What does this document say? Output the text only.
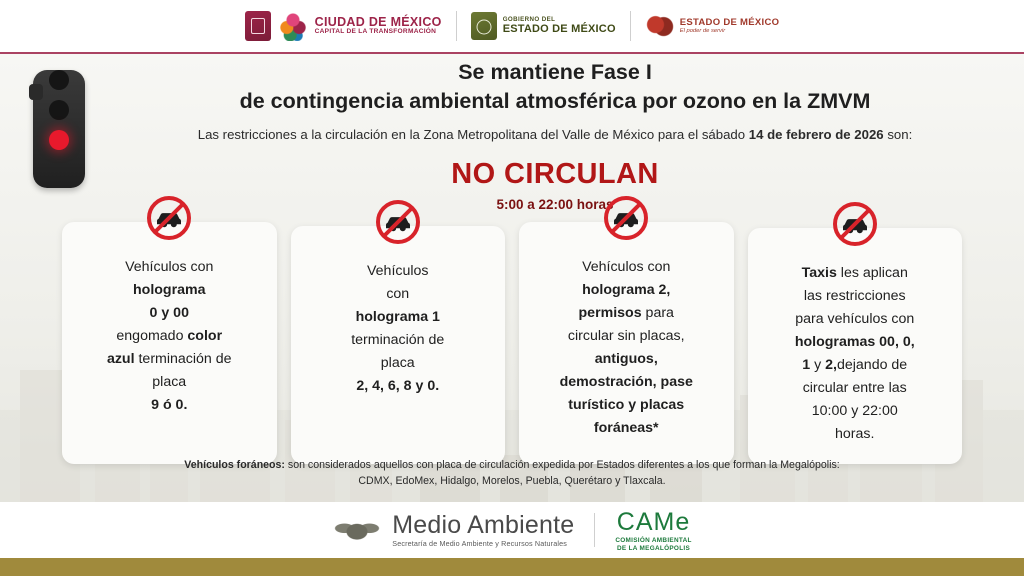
CIUDAD DE MÉXICO
CAPITAL DE LA TRANSFORMACIÓN
GOBIERNO DEL
ESTADO DE MÉXICO
ESTADO DE MÉXICO
El poder de servir
Se mantiene Fase I
de contingencia ambiental atmosférica por ozono en la ZMVM
Las restricciones a la circulación en la Zona Metropolitana del Valle de México para el sábado 14 de febrero de 2026 son:
NO CIRCULAN
5:00 a 22:00 horas
Vehículos con
holograma
0 y 00
engomado color
azul terminación de
placa
9 ó 0.
Vehículos
con
holograma 1
terminación de
placa
2, 4, 6, 8 y 0.
Vehículos con
holograma 2,
permisos para
circular sin placas,
antiguos,
demostración, pase
turístico y placas
foráneas*
Taxis les aplican
las restricciones
para vehículos con
hologramas 00, 0,
1 y 2,dejando de
circular entre las
10:00 y 22:00
horas.
Vehículos foráneos: son considerados aquellos con placa de circulación expedida por Estados diferentes a los que forman la Megalópolis:
CDMX, EdoMex, Hidalgo, Morelos, Puebla, Querétaro y Tlaxcala.
Medio Ambiente
Secretaría de Medio Ambiente y Recursos Naturales
CAMe
COMISIÓN AMBIENTAL
DE LA MEGALÓPOLIS
